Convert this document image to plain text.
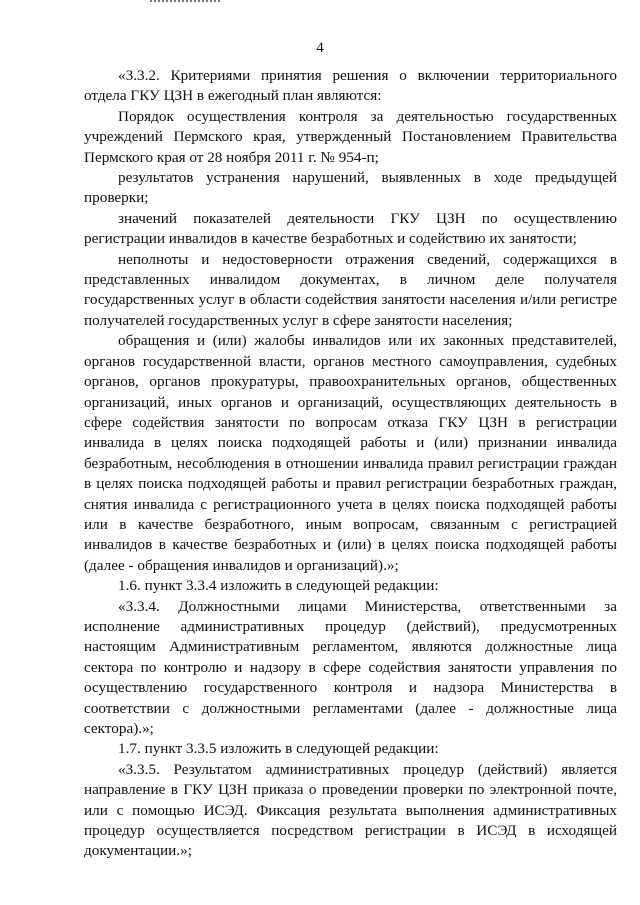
4

«3.3.2. Критериями принятия решения о включении территориального отдела ГКУ ЦЗН в ежегодный план являются:

Порядок осуществления контроля за деятельностью государственных учреждений Пермского края, утвержденный Постановлением Правительства Пермского края от 28 ноября 2011 г. № 954-п;

результатов устранения нарушений, выявленных в ходе предыдущей проверки;

значений показателей деятельности ГКУ ЦЗН по осуществлению регистрации инвалидов в качестве безработных и содействию их занятости;

неполноты и недостоверности отражения сведений, содержащихся в представленных инвалидом документах, в личном деле получателя государственных услуг в области содействия занятости населения и/или регистре получателей государственных услуг в сфере занятости населения;

обращения и (или) жалобы инвалидов или их законных представителей, органов государственной власти, органов местного самоуправления, судебных органов, органов прокуратуры, правоохранительных органов, общественных организаций, иных органов и организаций, осуществляющих деятельность в сфере содействия занятости по вопросам отказа ГКУ ЦЗН в регистрации инвалида в целях поиска подходящей работы и (или) признании инвалида безработным, несоблюдения в отношении инвалида правил регистрации граждан в целях поиска подходящей работы и правил регистрации безработных граждан, снятия инвалида с регистрационного учета в целях поиска подходящей работы или в качестве безработного, иным вопросам, связанным с регистрацией инвалидов в качестве безработных и (или) в целях поиска подходящей работы (далее - обращения инвалидов и организаций).»;

1.6. пункт 3.3.4 изложить в следующей редакции:

«3.3.4. Должностными лицами Министерства, ответственными за исполнение административных процедур (действий), предусмотренных настоящим Административным регламентом, являются должностные лица сектора по контролю и надзору в сфере содействия занятости управления по осуществлению государственного контроля и надзора Министерства в соответствии с должностными регламентами (далее - должностные лица сектора).»;

1.7. пункт 3.3.5 изложить в следующей редакции:

«3.3.5. Результатом административных процедур (действий) является направление в ГКУ ЦЗН приказа о проведении проверки по электронной почте, или с помощью ИСЭД. Фиксация результата выполнения административных процедур осуществляется посредством регистрации в ИСЭД в исходящей документации.»;
